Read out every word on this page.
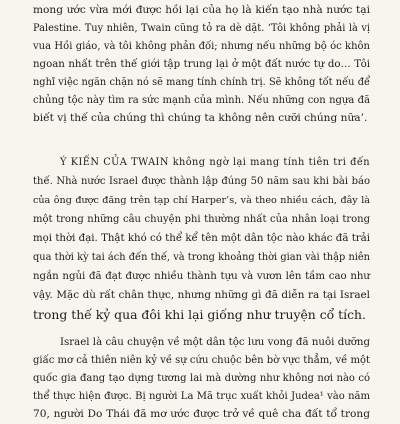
mong ước vừa mới được hồi lại của họ là kiến tạo nhà nước tại
Palestine. Tuy nhiên, Twain cũng tỏ ra dè dặt. ‘Tôi không phải là vị
vua Hồi giáo, và tôi không phản đối; nhưng nếu những bộ óc khôn
ngoan nhất trên thế giới tập trung lại ở một đất nước tự do… Tôi
nghĩ việc ngăn chặn nó sẽ mang tính chính trị. Sẽ không tốt nếu để
chủng tộc này tìm ra sức mạnh của mình. Nếu những con ngựa đã
biết vị thế của chúng thì chúng ta không nên cưỡi chúng nữa’.
Ý KIẾN CỦA TWAIN không ngờ lại mang tính tiên tri đến
thế. Nhà nước Israel được thành lập đúng 50 năm sau khi bài báo
của ông được đăng trên tạp chí Harper’s, và theo nhiều cách, đây là
một trong những câu chuyện phi thường nhất của nhân loại trong
mọi thời đại. Thật khó có thể kể tên một dân tộc nào khác đã trải
qua thời kỳ tai ách đến thế, và trong khoảng thời gian vài thập niên
ngắn ngủi đã đạt được nhiều thành tựu và vươn lên tầm cao như
vậy. Mặc dù rất chân thực, nhưng những gì đã diễn ra tại Israel
trong thế kỷ qua đôi khi lại giống như truyện cổ tích.
Israel là câu chuyện về một dân tộc lưu vong đã nuôi dưỡng
giấc mơ cả thiên niên kỷ về sự cứu chuộc bên bờ vực thẳm, về một
quốc gia đang tạo dựng tương lai mà dường như không nơi nào có
thể thực hiện được. Bị người La Mã trục xuất khỏi Judea¹ vào năm
70, người Do Thái đã mơ ước được trở về quê cha đất tổ trong
